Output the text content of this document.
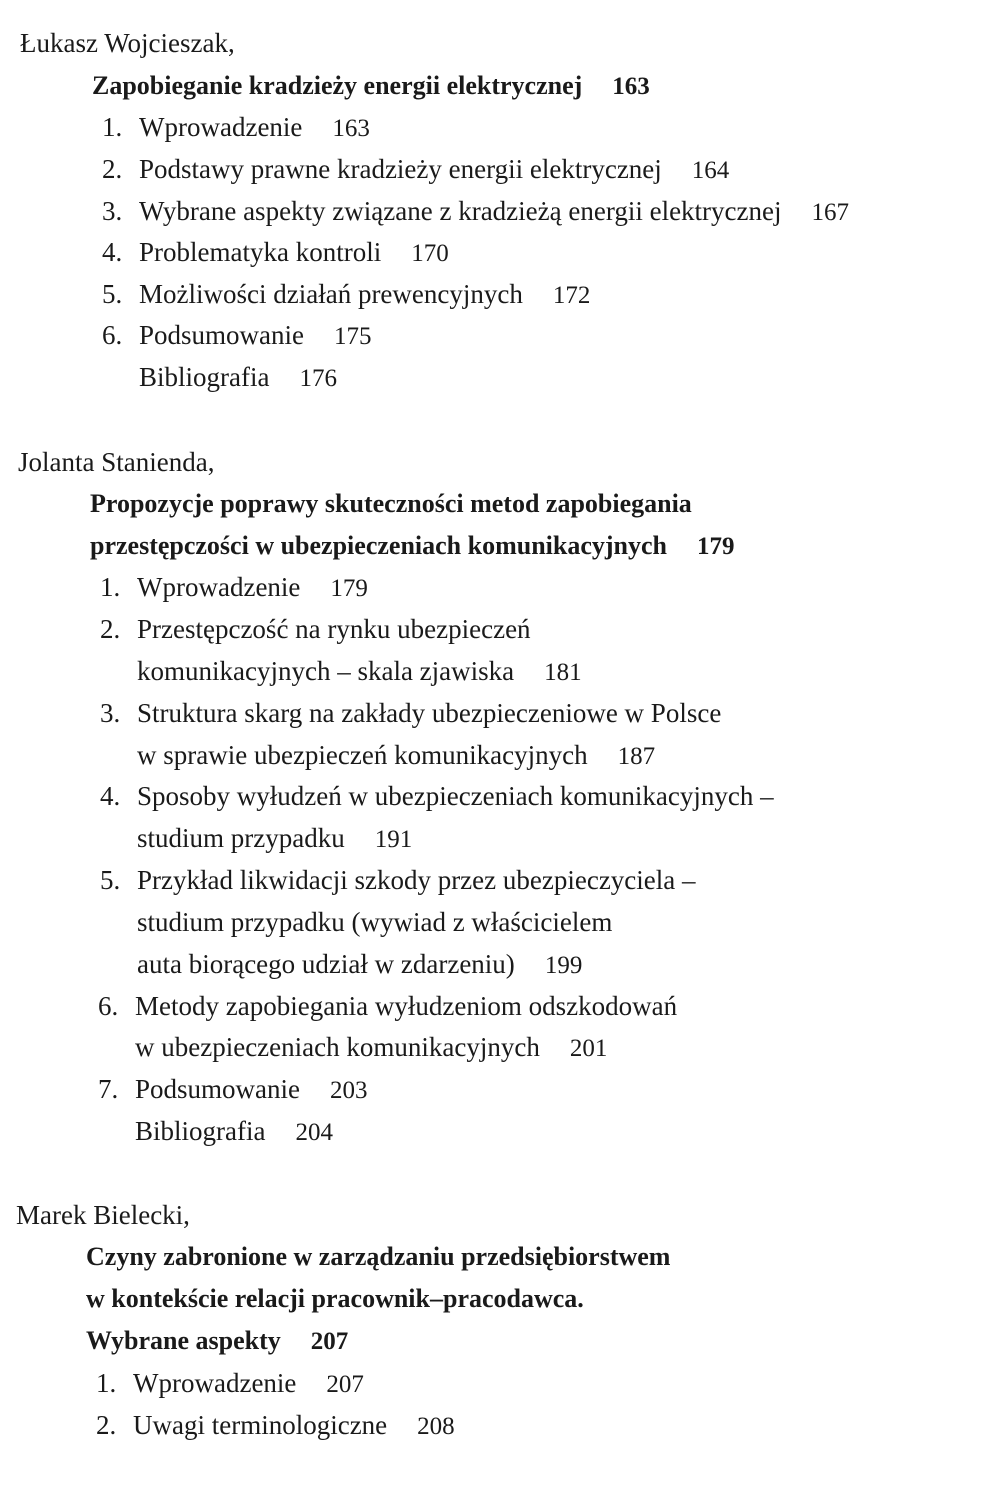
Łukasz Wojcieszak,
Zapobieganie kradzieży energii elektrycznej 163
1. Wprowadzenie 163
2. Podstawy prawne kradzieży energii elektrycznej 164
3. Wybrane aspekty związane z kradzieżą energii elektrycznej 167
4. Problematyka kontroli 170
5. Możliwości działań prewencyjnych 172
6. Podsumowanie 175
Bibliografia 176
Jolanta Stanienda,
Propozycje poprawy skuteczności metod zapobiegania
przestępczości w ubezpieczeniach komunikacyjnych 179
1. Wprowadzenie 179
2. Przestępczość na rynku ubezpieczeń
komunikacyjnych – skala zjawiska 181
3. Struktura skarg na zakłady ubezpieczeniowe w Polsce
w sprawie ubezpieczeń komunikacyjnych 187
4. Sposoby wyłudzeń w ubezpieczeniach komunikacyjnych –
studium przypadku 191
5. Przykład likwidacji szkody przez ubezpieczyciela –
studium przypadku (wywiad z właścicielem
auta biorącego udział w zdarzeniu) 199
6. Metody zapobiegania wyłudzeniom odszkodowań
w ubezpieczeniach komunikacyjnych 201
7. Podsumowanie 203
Bibliografia 204
Marek Bielecki,
Czyny zabronione w zarządzaniu przedsiębiorstwem
w kontekście relacji pracownik–pracodawca.
Wybrane aspekty 207
1. Wprowadzenie 207
2. Uwagi terminologiczne 208
